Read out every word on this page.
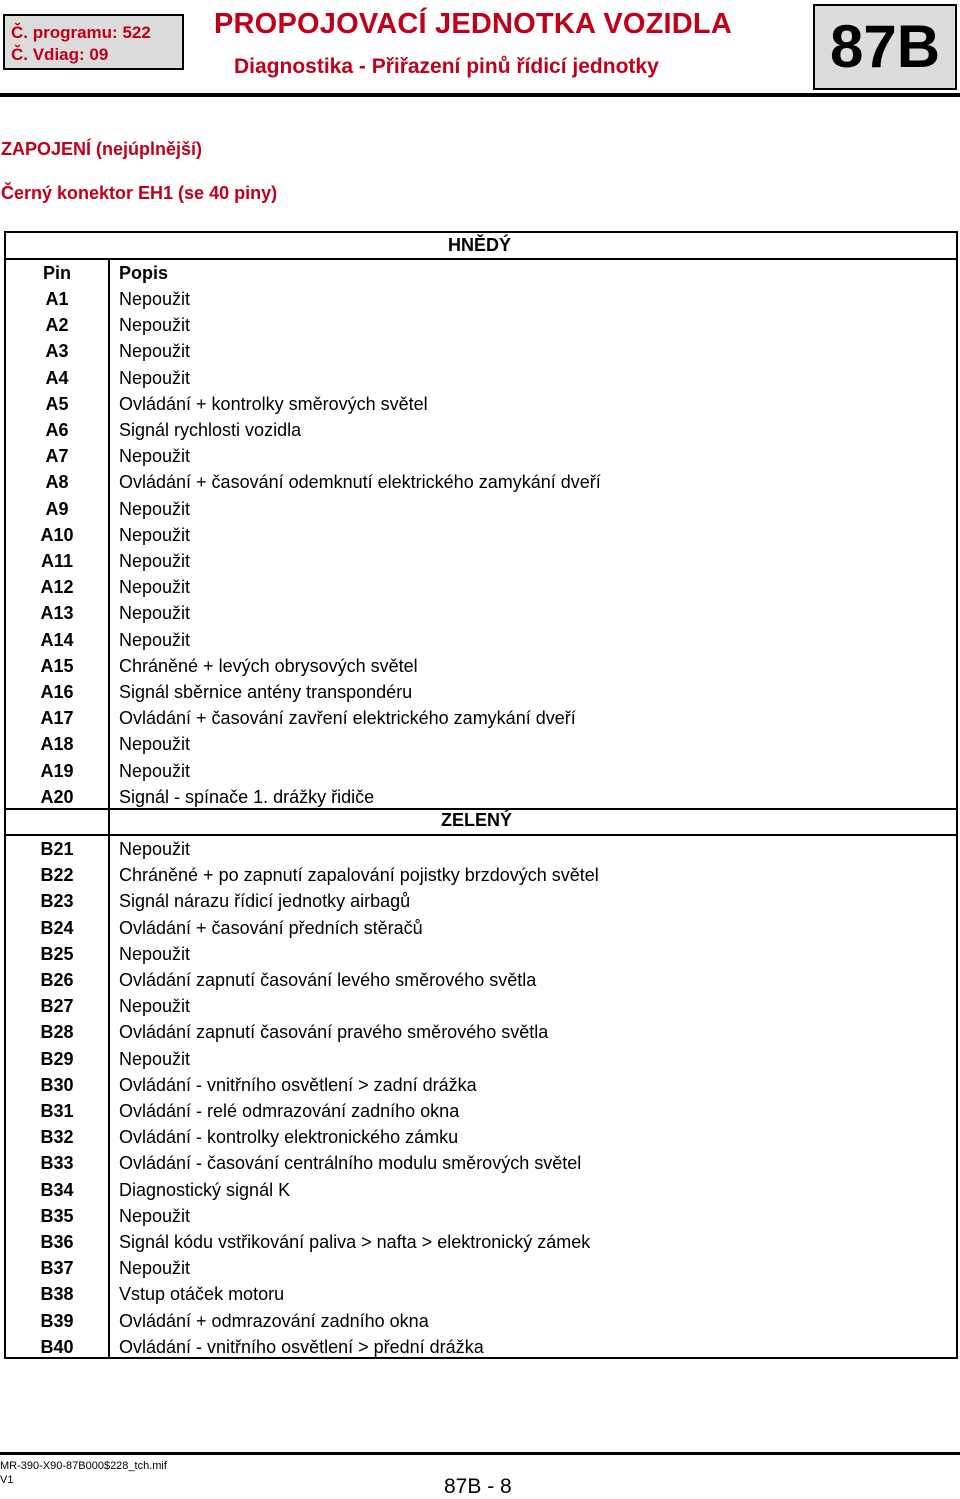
Č. programu: 522
Č. Vdiag: 09
PROPOJOVACÍ JEDNOTKA VOZIDLA
Diagnostika - Přiřazení pinů řídicí jednotky	87B
ZAPOJENÍ (nejúplnější)
Černý konektor EH1 (se 40 piny)
HNĚDÝ
Pin	Popis
A1	Nepoužit
A2	Nepoužit
A3	Nepoužit
A4	Nepoužit
A5	Ovládání + kontrolky směrových světel
A6	Signál rychlosti vozidla
A7	Nepoužit
A8	Ovládání + časování odemknutí elektrického zamykání dveří
A9	Nepoužit
A10	Nepoužit
A11	Nepoužit
A12	Nepoužit
A13	Nepoužit
A14	Nepoužit
A15	Chráněné + levých obrysových světel
A16	Signál sběrnice antény transpondéru
A17	Ovládání + časování zavření elektrického zamykání dveří
A18	Nepoužit
A19	Nepoužit
A20	Signál - spínače 1. drážky řidiče
ZELENÝ
B21	Nepoužit
B22	Chráněné + po zapnutí zapalování pojistky brzdových světel
B23	Signál nárazu řídicí jednotky airbagů
B24	Ovládání + časování předních stěračů
B25	Nepoužit
B26	Ovládání zapnutí časování levého směrového světla
B27	Nepoužit
B28	Ovládání zapnutí časování pravého směrového světla
B29	Nepoužit
B30	Ovládání - vnitřního osvětlení > zadní drážka
B31	Ovládání - relé odmrazování zadního okna
B32	Ovládání - kontrolky elektronického zámku
B33	Ovládání - časování centrálního modulu směrových světel
B34	Diagnostický signál K
B35	Nepoužit
B36	Signál kódu vstřikování paliva > nafta > elektronický zámek
B37	Nepoužit
B38	Vstup otáček motoru
B39	Ovládání + odmrazování zadního okna
B40	Ovládání - vnitřního osvětlení > přední drážka
MR-390-X90-87B000$228_tch.mif
V1	87B - 8
